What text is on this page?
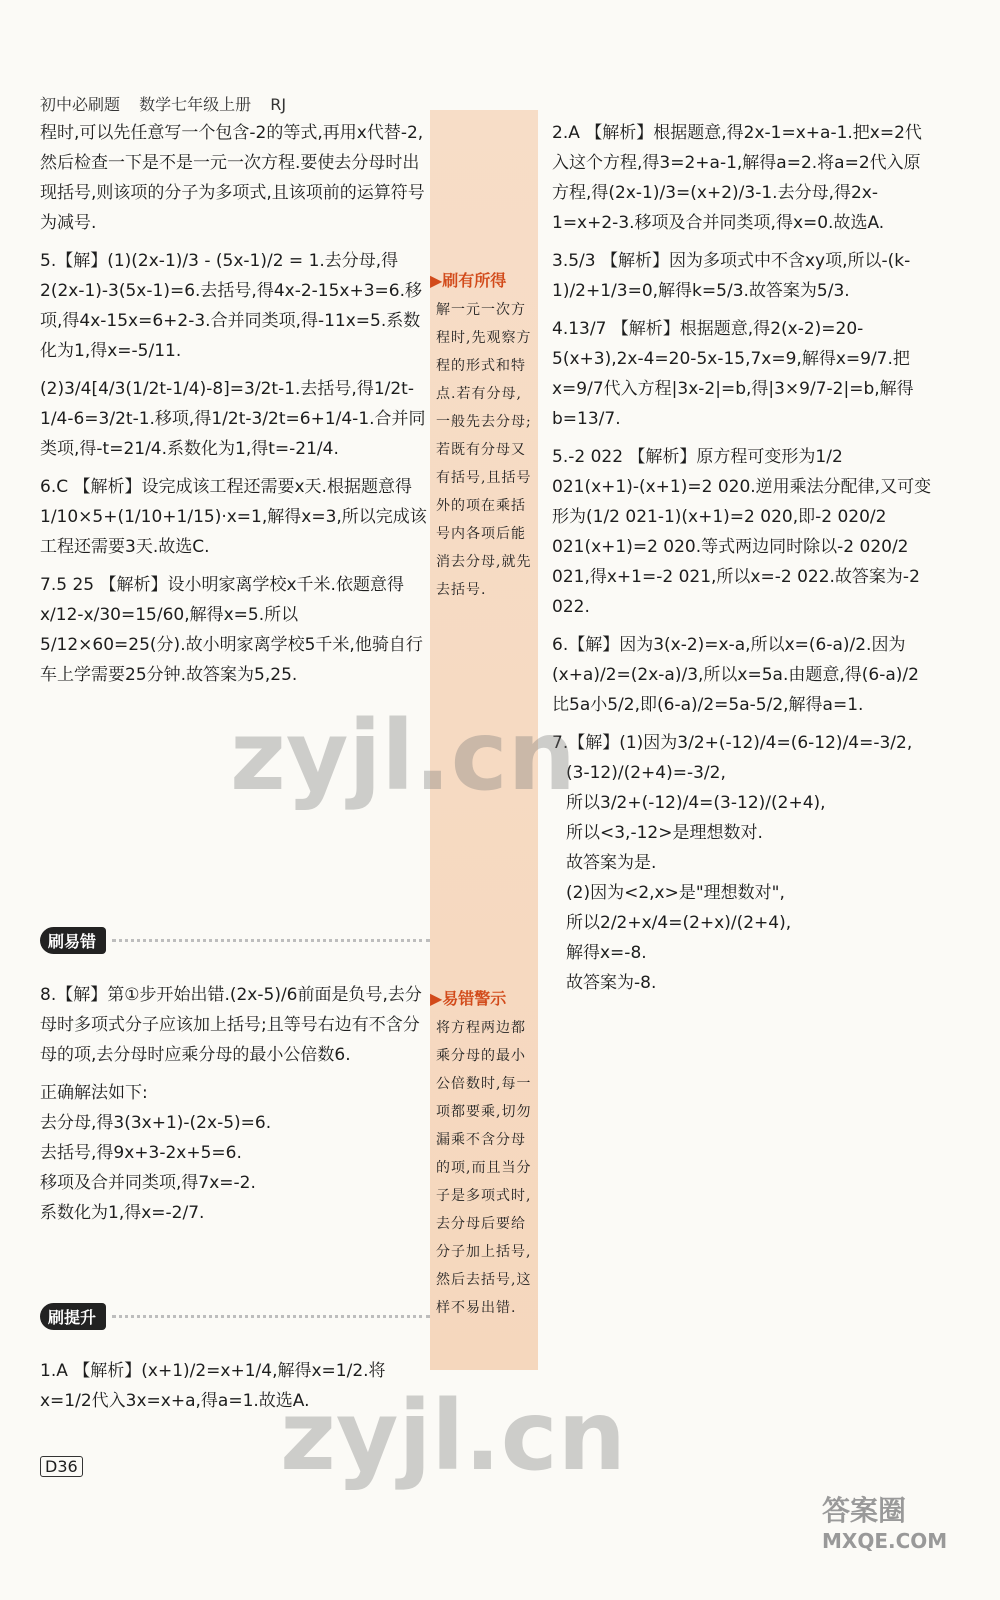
初中必刷题 数学七年级上册 RJ

程时,可以先任意写一个包含-2的等式,再用x代替-2,然后检查一下是不是一元一次方程.要使去分母时出现括号,则该项的分子为多项式,且该项前的运算符号为减号.

5.【解】(1)(2x-1)/3 - (5x-1)/2 = 1.去分母,得2(2x-1)-3(5x-1)=6.去括号,得4x-2-15x+3=6.移项,得4x-15x=6+2-3.合并同类项,得-11x=5.系数化为1,得x=-5/11.

(2)3/4[4/3(1/2t-1/4)-8]=3/2t-1.去括号,得1/2t-1/4-6=3/2t-1.移项,得1/2t-3/2t=6+1/4-1.合并同类项,得-t=21/4.系数化为1,得t=-21/4.

6.C 【解析】设完成该工程还需要x天.根据题意得1/10×5+(1/10+1/15)·x=1,解得x=3,所以完成该工程还需要3天.故选C.

7.5 25 【解析】设小明家离学校x千米.依题意得x/12-x/30=15/60,解得x=5.所以5/12×60=25(分).故小明家离学校5千米,他骑自行车上学需要25分钟.故答案为5,25.

刷易错

8.【解】第①步开始出错.(2x-5)/6前面是负号,去分母时多项式分子应该加上括号;且等号右边有不含分母的项,去分母时应乘分母的最小公倍数6.

正确解法如下:
去分母,得3(3x+1)-(2x-5)=6.
去括号,得9x+3-2x+5=6.
移项及合并同类项,得7x=-2.
系数化为1,得x=-2/7.
刷提升

1.A 【解析】(x+1)/2=x+1/4,解得x=1/2.将x=1/2代入3x=x+a,得a=1.故选A.

▶刷有所得
解一元一次方程时,先观察方程的形式和特点.若有分母,一般先去分母;若既有分母又有括号,且括号外的项在乘括号内各项后能消去分母,就先去括号.
▶易错警示
将方程两边都乘分母的最小公倍数时,每一项都要乘,切勿漏乘不含分母的项,而且当分子是多项式时,去分母后要给分子加上括号,然后去括号,这样不易出错.

2.A 【解析】根据题意,得2x-1=x+a-1.把x=2代入这个方程,得3=2+a-1,解得a=2.将a=2代入原方程,得(2x-1)/3=(x+2)/3-1.去分母,得2x-1=x+2-3.移项及合并同类项,得x=0.故选A.

3.5/3 【解析】因为多项式中不含xy项,所以-(k-1)/2+1/3=0,解得k=5/3.故答案为5/3.

4.13/7 【解析】根据题意,得2(x-2)=20-5(x+3),2x-4=20-5x-15,7x=9,解得x=9/7.把x=9/7代入方程|3x-2|=b,得|3×9/7-2|=b,解得b=13/7.

5.-2 022 【解析】原方程可变形为1/2 021(x+1)-(x+1)=2 020.逆用乘法分配律,又可变形为(1/2 021-1)(x+1)=2 020,即-2 020/2 021(x+1)=2 020.等式两边同时除以-2 020/2 021,得x+1=-2 021,所以x=-2 022.故答案为-2 022.

6.【解】因为3(x-2)=x-a,所以x=(6-a)/2.因为(x+a)/2=(2x-a)/3,所以x=5a.由题意,得(6-a)/2比5a小5/2,即(6-a)/2=5a-5/2,解得a=1.

7.【解】(1)因为3/2+(-12)/4=(6-12)/4=-3/2,
(3-12)/(2+4)=-3/2,
所以3/2+(-12)/4=(3-12)/(2+4),
所以<3,-12>是理想数对.
故答案为是.
(2)因为<2,x>是"理想数对",
所以2/2+x/4=(2+x)/(2+4),
解得x=-8.
故答案为-8.
D36
zyjl.cn
zyjl.cn
答案圈
MXQE.COM
